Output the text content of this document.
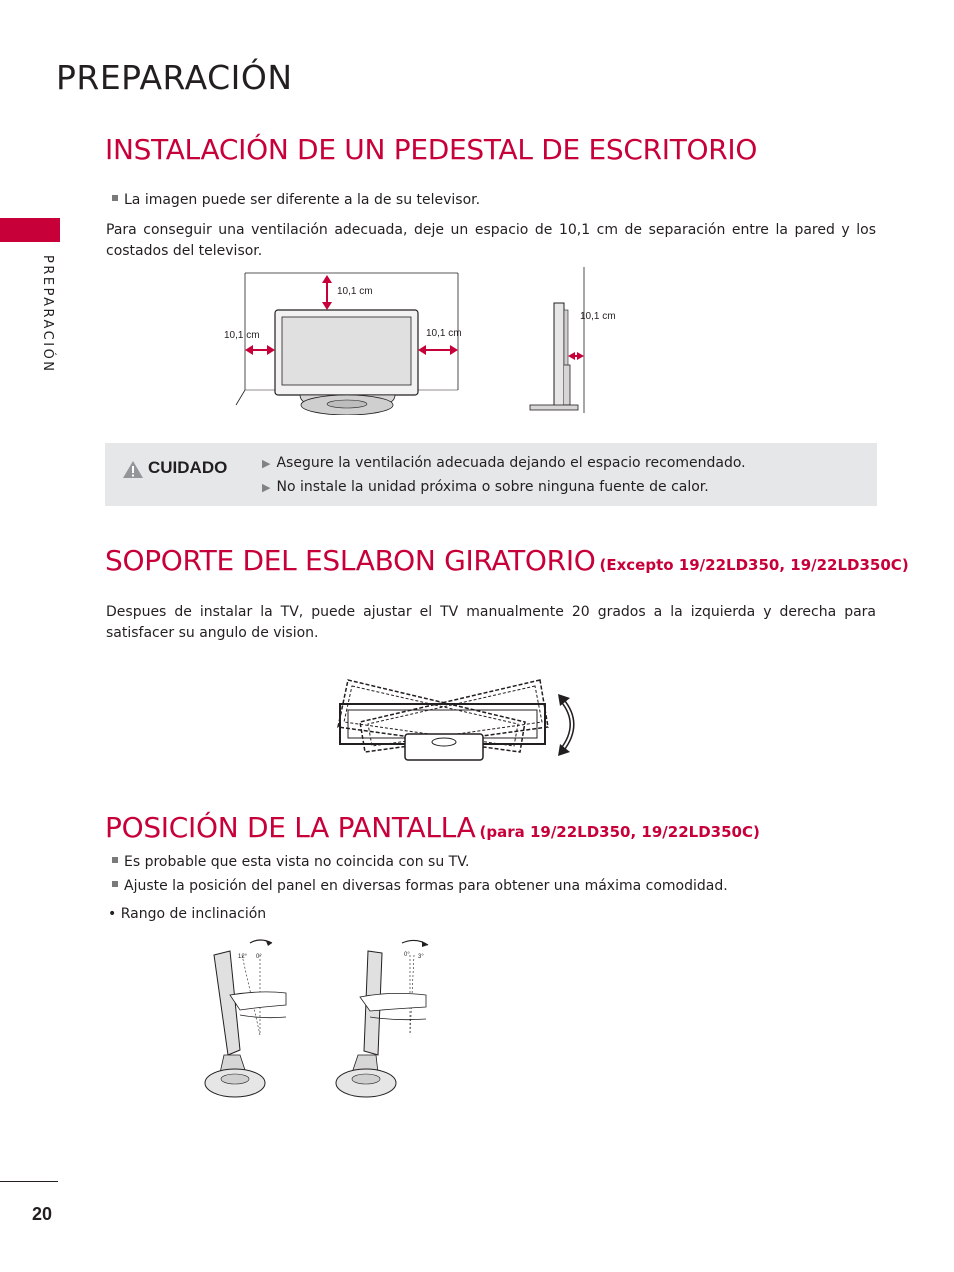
PREPARACIÓN
PREPARACIÓN
INSTALACIÓN DE UN PEDESTAL DE ESCRITORIO
La imagen puede ser diferente a la de su televisor.
Para conseguir una ventilación adecuada, deje un espacio de 10,1 cm de separación entre la pared y los costados del televisor.
10,1 cm
10,1 cm	10,1 cm
10,1 cm
CUIDADO	▶ Asegure la ventilación adecuada dejando el espacio recomendado.
▶ No instale la unidad próxima o sobre ninguna fuente de calor.
SOPORTE DEL ESLABON GIRATORIO (Excepto 19/22LD350, 19/22LD350C)
Despues de instalar la TV, puede ajustar el TV manualmente 20 grados a la izquierda y derecha para satisfacer su angulo de vision.
POSICIÓN DE LA PANTALLA (para 19/22LD350, 19/22LD350C)
Es probable que esta vista no coincida con su TV.
Ajuste la posición del panel en diversas formas para obtener una máxima comodidad.
• Rango de inclinación
12° 0°	0° 3°
20
